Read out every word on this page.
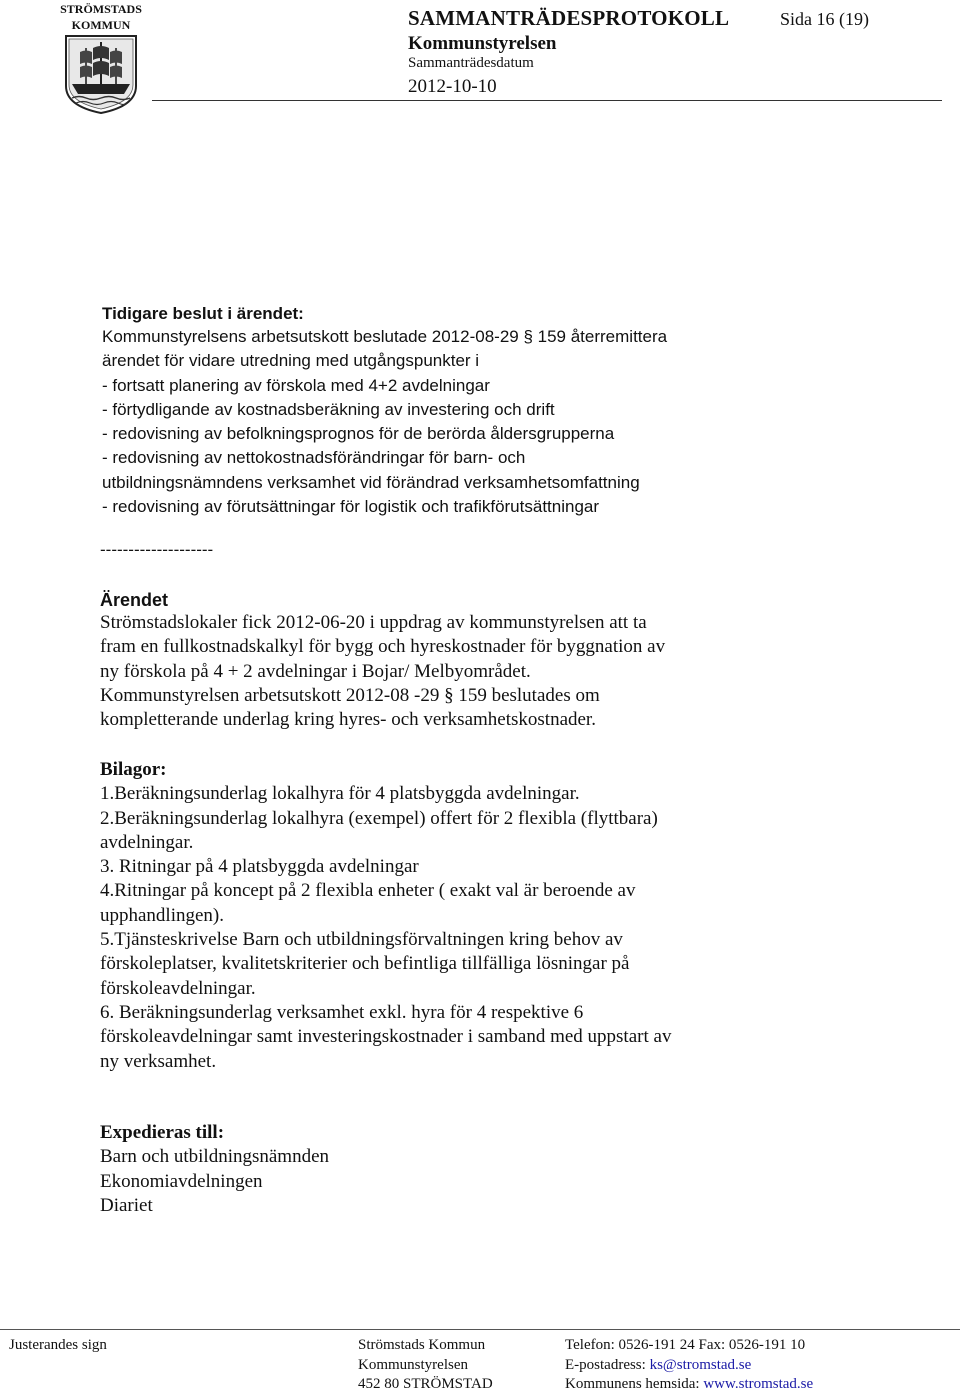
STRÖMSTADS
KOMMUN	SAMMANTRÄDESPROTOKOLL	Sida 16 (19)
Kommunstyrelsen
Sammanträdesdatum
2012-10-10
Tidigare beslut i ärendet:
Kommunstyrelsens arbetsutskott beslutade 2012-08-29 § 159 återremittera
ärendet för vidare utredning med utgångspunkter i
- fortsatt planering av förskola med 4+2 avdelningar
- förtydligande av kostnadsberäkning av investering och drift
- redovisning av befolkningsprognos för de berörda åldersgrupperna
- redovisning av nettokostnadsförändringar för barn- och
utbildningsnämndens verksamhet vid förändrad verksamhetsomfattning
- redovisning av förutsättningar för logistik och trafikförutsättningar
--------------------
Ärendet
Strömstadslokaler fick 2012-06-20 i uppdrag av kommunstyrelsen att ta
fram en fullkostnadskalkyl för bygg och hyreskostnader för byggnation av
ny förskola på 4 + 2 avdelningar i Bojar/ Melbyområdet.
Kommunstyrelsen arbetsutskott 2012-08 -29 § 159 beslutades om
kompletterande underlag kring hyres- och verksamhetskostnader.
Bilagor:
1.Beräkningsunderlag lokalhyra för 4 platsbyggda avdelningar.
2.Beräkningsunderlag lokalhyra (exempel) offert för 2 flexibla (flyttbara)
avdelningar.
3. Ritningar på 4 platsbyggda avdelningar
4.Ritningar på koncept på 2 flexibla enheter ( exakt val är beroende av
upphandlingen).
5.Tjänsteskrivelse Barn och utbildningsförvaltningen kring behov av
förskoleplatser, kvalitetskriterier och befintliga tillfälliga lösningar på
förskoleavdelningar.
6. Beräkningsunderlag verksamhet exkl. hyra för 4 respektive 6
förskoleavdelningar samt investeringskostnader i samband med uppstart av
ny verksamhet.
Expedieras till:
Barn och utbildningsnämnden
Ekonomiavdelningen
Diariet
Justerandes sign	Strömstads Kommun
Kommunstyrelsen
452 80 STRÖMSTAD
Telefon: 0526-191 24 Fax: 0526-191 10
E-postadress: ks@stromstad.se
Kommunens hemsida: www.stromstad.se
